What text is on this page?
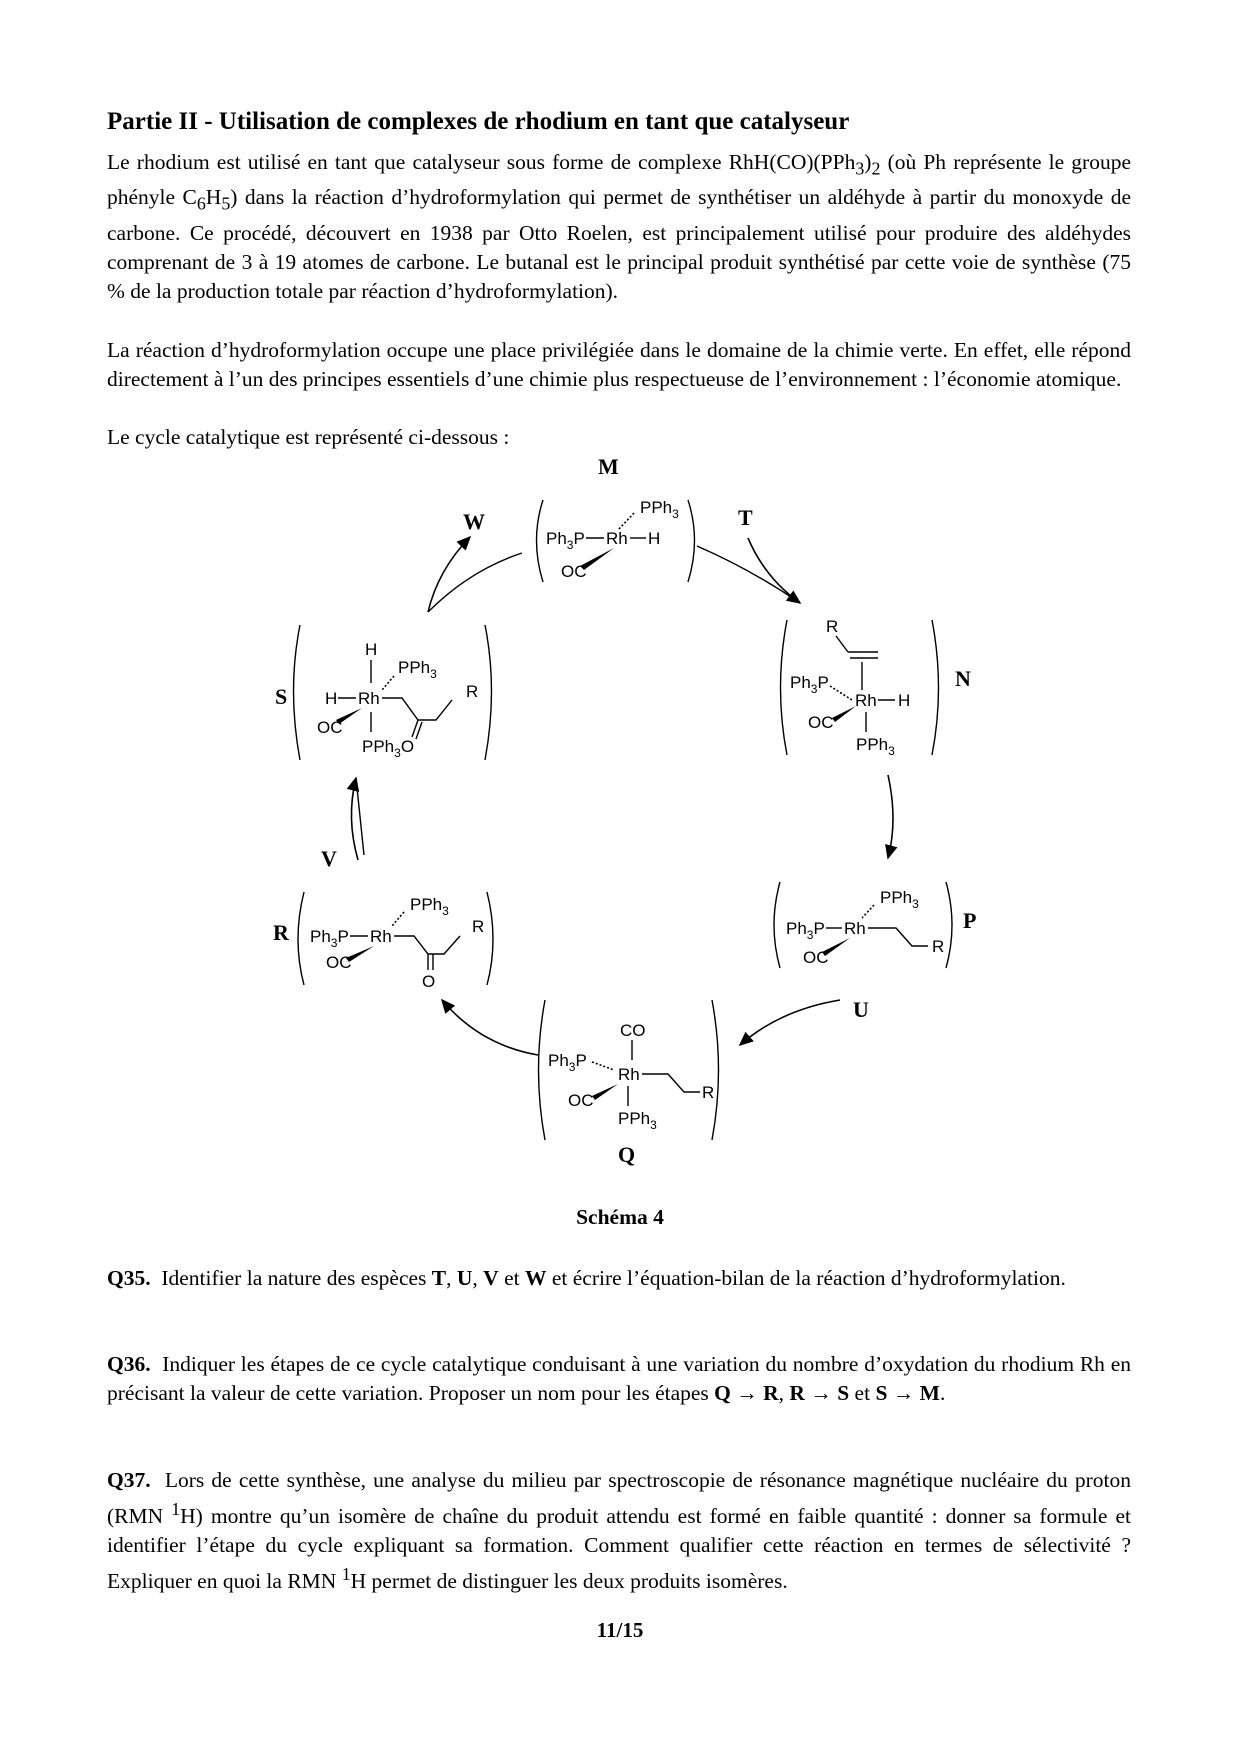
Partie II - Utilisation de complexes de rhodium en tant que catalyseur

Le rhodium est utilisé en tant que catalyseur sous forme de complexe $RhH(CO)(PPh_3)_2$ (où Ph représente le groupe phényle $C_6H_5$) dans la réaction d’hydroformylation qui permet de synthétiser un aldéhyde à partir du monoxyde de carbone. Ce procédé, découvert en 1938 par Otto Roelen, est principalement utilisé pour produire des aldéhydes comprenant de 3 à 19 atomes de carbone. Le butanal est le principal produit synthétisé par cette voie de synthèse (75 % de la production totale par réaction d’hydroformylation).

La réaction d’hydroformylation occupe une place privilégiée dans le domaine de la chimie verte. En effet, elle répond directement à l’un des principes essentiels d’une chimie plus respectueuse de l’environnement : l’économie atomique.

Le cycle catalytique est représenté ci-dessous :

M
N
P
Q
R
S
T
U
V
W
PPh$_3$
$Ph_3P$ Rh H
OC
R
$Ph_3P$
Rh H
OC
PPh$_3$
PPh$_3$
$Ph_3P$ Rh
R
OC
CO
$Ph_3P$
Rh
R
OC
PPh$_3$
PPh$_3$
$Ph_3P$ Rh
O
R
OC
H
PPh$_3$
H Rh	R
OC
PPh$_3$O
Schéma 4

Q35. Identifier la nature des espèces T, U, V et W et écrire l’équation-bilan de la réaction d’hydroformylation.

Q36. Indiquer les étapes de ce cycle catalytique conduisant à une variation du nombre d’oxydation du rhodium Rh en précisant la valeur de cette variation. Proposer un nom pour les étapes Q → R, R → S et S → M.

Q37. Lors de cette synthèse, une analyse du milieu par spectroscopie de résonance magnétique nucléaire du proton (RMN $^1$H) montre qu’un isomère de chaîne du produit attendu est formé en faible quantité : donner sa formule et identifier l’étape du cycle expliquant sa formation. Comment qualifier cette réaction en termes de sélectivité ? Expliquer en quoi la RMN $^1$H permet de distinguer les deux produits isomères.

11/15
